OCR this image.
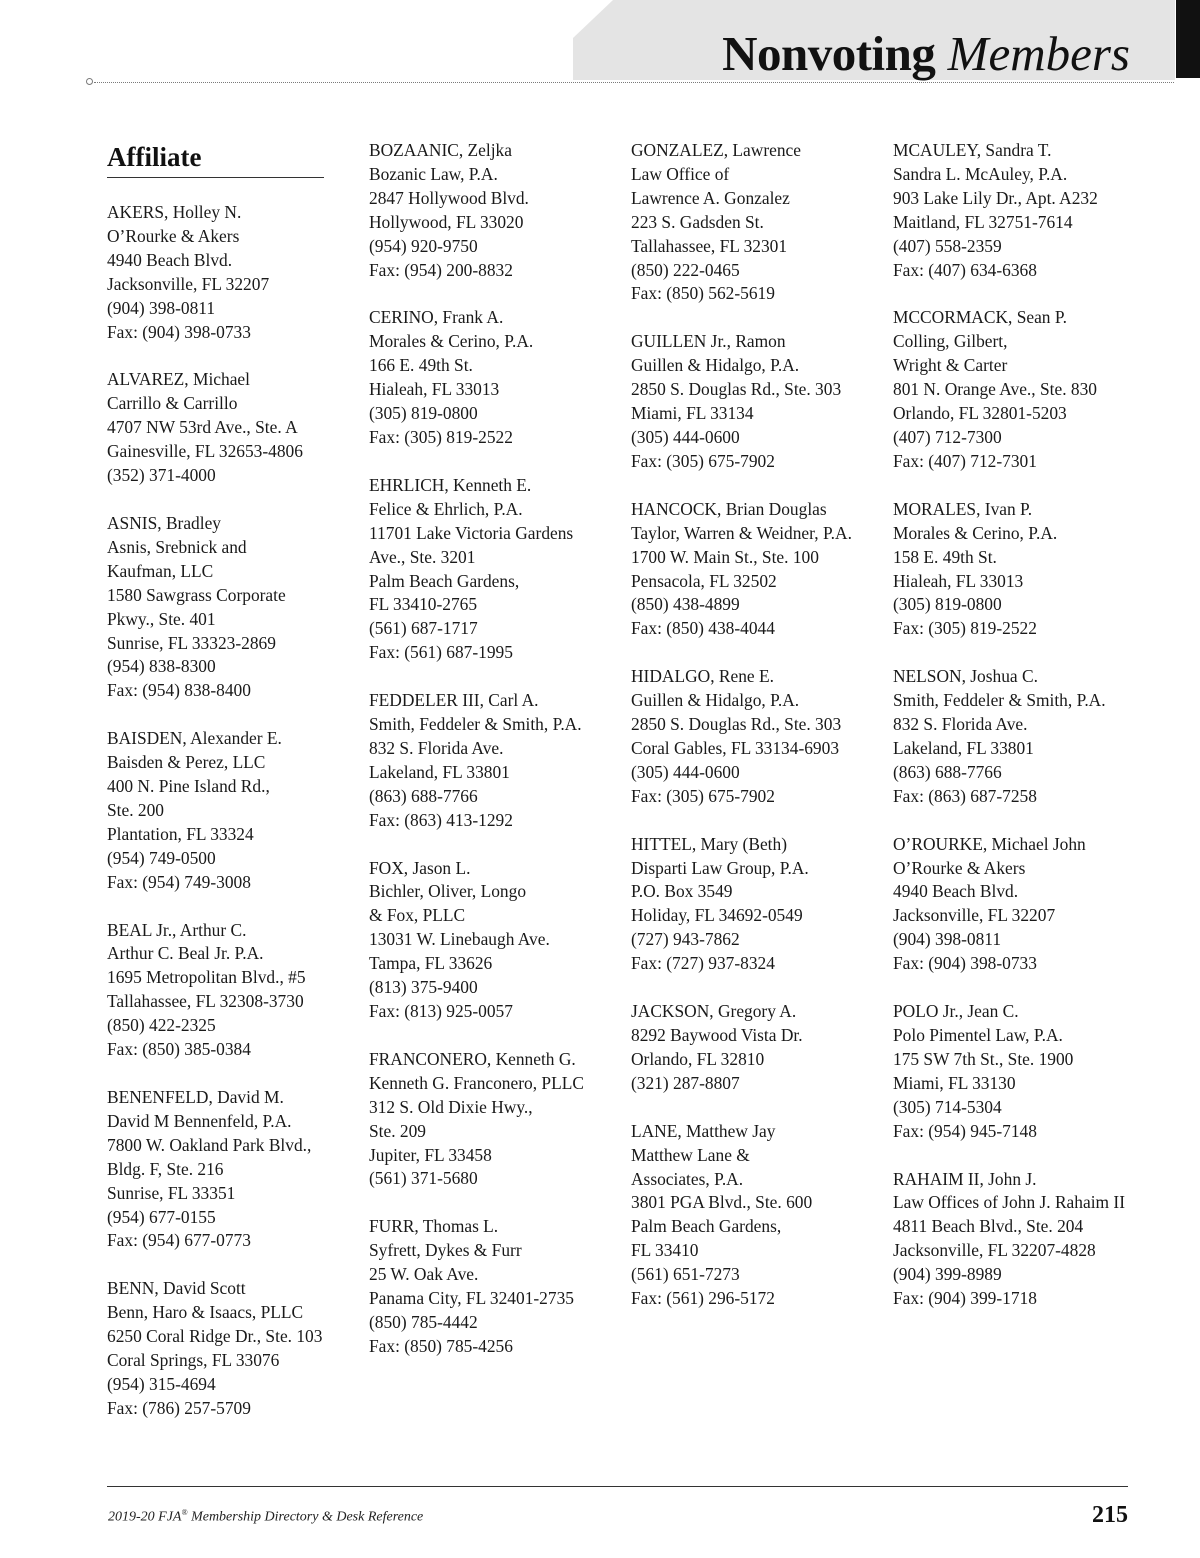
Nonvoting Members
Affiliate
AKERS, Holley N.
O’Rourke & Akers
4940 Beach Blvd.
Jacksonville, FL 32207
(904) 398-0811
Fax: (904) 398-0733
ALVAREZ, Michael
Carrillo & Carrillo
4707 NW 53rd Ave., Ste. A
Gainesville, FL 32653-4806
(352) 371-4000
ASNIS, Bradley
Asnis, Srebnick and
Kaufman, LLC
1580 Sawgrass Corporate
Pkwy., Ste. 401
Sunrise, FL 33323-2869
(954) 838-8300
Fax: (954) 838-8400
BAISDEN, Alexander E.
Baisden & Perez, LLC
400 N. Pine Island Rd.,
Ste. 200
Plantation, FL 33324
(954) 749-0500
Fax: (954) 749-3008
BEAL Jr., Arthur C.
Arthur C. Beal Jr. P.A.
1695 Metropolitan Blvd., #5
Tallahassee, FL 32308-3730
(850) 422-2325
Fax: (850) 385-0384
BENENFELD, David M.
David M Bennenfeld, P.A.
7800 W. Oakland Park Blvd.,
Bldg. F, Ste. 216
Sunrise, FL 33351
(954) 677-0155
Fax: (954) 677-0773
BENN, David Scott
Benn, Haro & Isaacs, PLLC
6250 Coral Ridge Dr., Ste. 103
Coral Springs, FL 33076
(954) 315-4694
Fax: (786) 257-5709
BOZAANIC, Zeljka
Bozanic Law, P.A.
2847 Hollywood Blvd.
Hollywood, FL 33020
(954) 920-9750
Fax: (954) 200-8832
CERINO, Frank A.
Morales & Cerino, P.A.
166 E. 49th St.
Hialeah, FL 33013
(305) 819-0800
Fax: (305) 819-2522
EHRLICH, Kenneth E.
Felice & Ehrlich, P.A.
11701 Lake Victoria Gardens
Ave., Ste. 3201
Palm Beach Gardens,
FL 33410-2765
(561) 687-1717
Fax: (561) 687-1995
FEDDELER III, Carl A.
Smith, Feddeler & Smith, P.A.
832 S. Florida Ave.
Lakeland, FL 33801
(863) 688-7766
Fax: (863) 413-1292
FOX, Jason L.
Bichler, Oliver, Longo
& Fox, PLLC
13031 W. Linebaugh Ave.
Tampa, FL 33626
(813) 375-9400
Fax: (813) 925-0057
FRANCONERO, Kenneth G.
Kenneth G. Franconero, PLLC
312 S. Old Dixie Hwy.,
Ste. 209
Jupiter, FL 33458
(561) 371-5680
FURR, Thomas L.
Syfrett, Dykes & Furr
25 W. Oak Ave.
Panama City, FL 32401-2735
(850) 785-4442
Fax: (850) 785-4256
GONZALEZ, Lawrence
Law Office of
Lawrence A. Gonzalez
223 S. Gadsden St.
Tallahassee, FL 32301
(850) 222-0465
Fax: (850) 562-5619
GUILLEN Jr., Ramon
Guillen & Hidalgo, P.A.
2850 S. Douglas Rd., Ste. 303
Miami, FL 33134
(305) 444-0600
Fax: (305) 675-7902
HANCOCK, Brian Douglas
Taylor, Warren & Weidner, P.A.
1700 W. Main St., Ste. 100
Pensacola, FL 32502
(850) 438-4899
Fax: (850) 438-4044
HIDALGO, Rene E.
Guillen & Hidalgo, P.A.
2850 S. Douglas Rd., Ste. 303
Coral Gables, FL 33134-6903
(305) 444-0600
Fax: (305) 675-7902
HITTEL, Mary (Beth)
Disparti Law Group, P.A.
P.O. Box 3549
Holiday, FL 34692-0549
(727) 943-7862
Fax: (727) 937-8324
JACKSON, Gregory A.
8292 Baywood Vista Dr.
Orlando, FL 32810
(321) 287-8807
LANE, Matthew Jay
Matthew Lane &
Associates, P.A.
3801 PGA Blvd., Ste. 600
Palm Beach Gardens,
FL 33410
(561) 651-7273
Fax: (561) 296-5172
MCAULEY, Sandra T.
Sandra L. McAuley, P.A.
903 Lake Lily Dr., Apt. A232
Maitland, FL 32751-7614
(407) 558-2359
Fax: (407) 634-6368
MCCORMACK, Sean P.
Colling, Gilbert,
Wright & Carter
801 N. Orange Ave., Ste. 830
Orlando, FL 32801-5203
(407) 712-7300
Fax: (407) 712-7301
MORALES, Ivan P.
Morales & Cerino, P.A.
158 E. 49th St.
Hialeah, FL 33013
(305) 819-0800
Fax: (305) 819-2522
NELSON, Joshua C.
Smith, Feddeler & Smith, P.A.
832 S. Florida Ave.
Lakeland, FL 33801
(863) 688-7766
Fax: (863) 687-7258
O’ROURKE, Michael John
O’Rourke & Akers
4940 Beach Blvd.
Jacksonville, FL 32207
(904) 398-0811
Fax: (904) 398-0733
POLO Jr., Jean C.
Polo Pimentel Law, P.A.
175 SW 7th St., Ste. 1900
Miami, FL 33130
(305) 714-5304
Fax: (954) 945-7148
RAHAIM II, John J.
Law Offices of John J. Rahaim II
4811 Beach Blvd., Ste. 204
Jacksonville, FL 32207-4828
(904) 399-8989
Fax: (904) 399-1718
2019-20 FJA® Membership Directory & Desk Reference	215
